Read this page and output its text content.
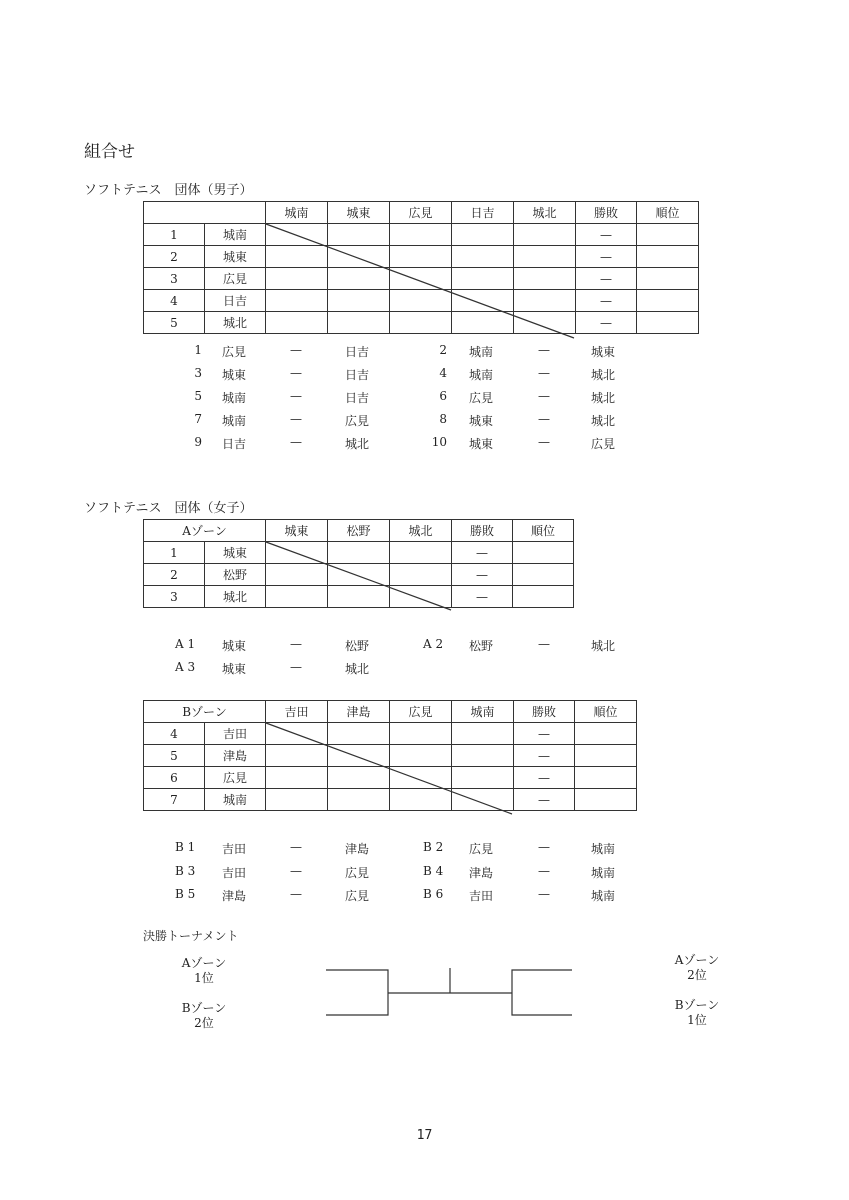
組合せ
ソフトテニス　団体（男子）
		城南	城東	広見	日吉	城北	勝敗	順位
1	城南						—	
2	城東						—	
3	広見						—	
4	日吉						—	
5	城北						—	
1 広見	—	日吉	2 城南	—	城東
3 城東	—	日吉	4 城南	—	城北
5 城南	—	日吉	6 広見	—	城北
7 城南	—	広見	8 城東	—	城北
9 日吉	—	城北	10 城東	—	広見
ソフトテニス　団体（女子）
Aゾーン		城東	松野	城北	勝敗	順位
1	城東				—	
2	松野				—	
3	城北				—	
A 1 城東	—	松野	A 2 松野	—	城北
A 3 城東	—	城北
Bゾーン		吉田	津島	広見	城南	勝敗	順位
4	吉田					—	
5	津島					—	
6	広見					—	
7	城南					—	
B 1 吉田	—	津島	B 2 広見	—	城南
B 3 吉田	—	広見	B 4 津島	—	城南
B 5 津島	—	広見	B 6 吉田	—	城南
決勝トーナメント
Aゾーン
1位
Bゾーン
2位
Aゾーン
2位
Bゾーン
1位
17
